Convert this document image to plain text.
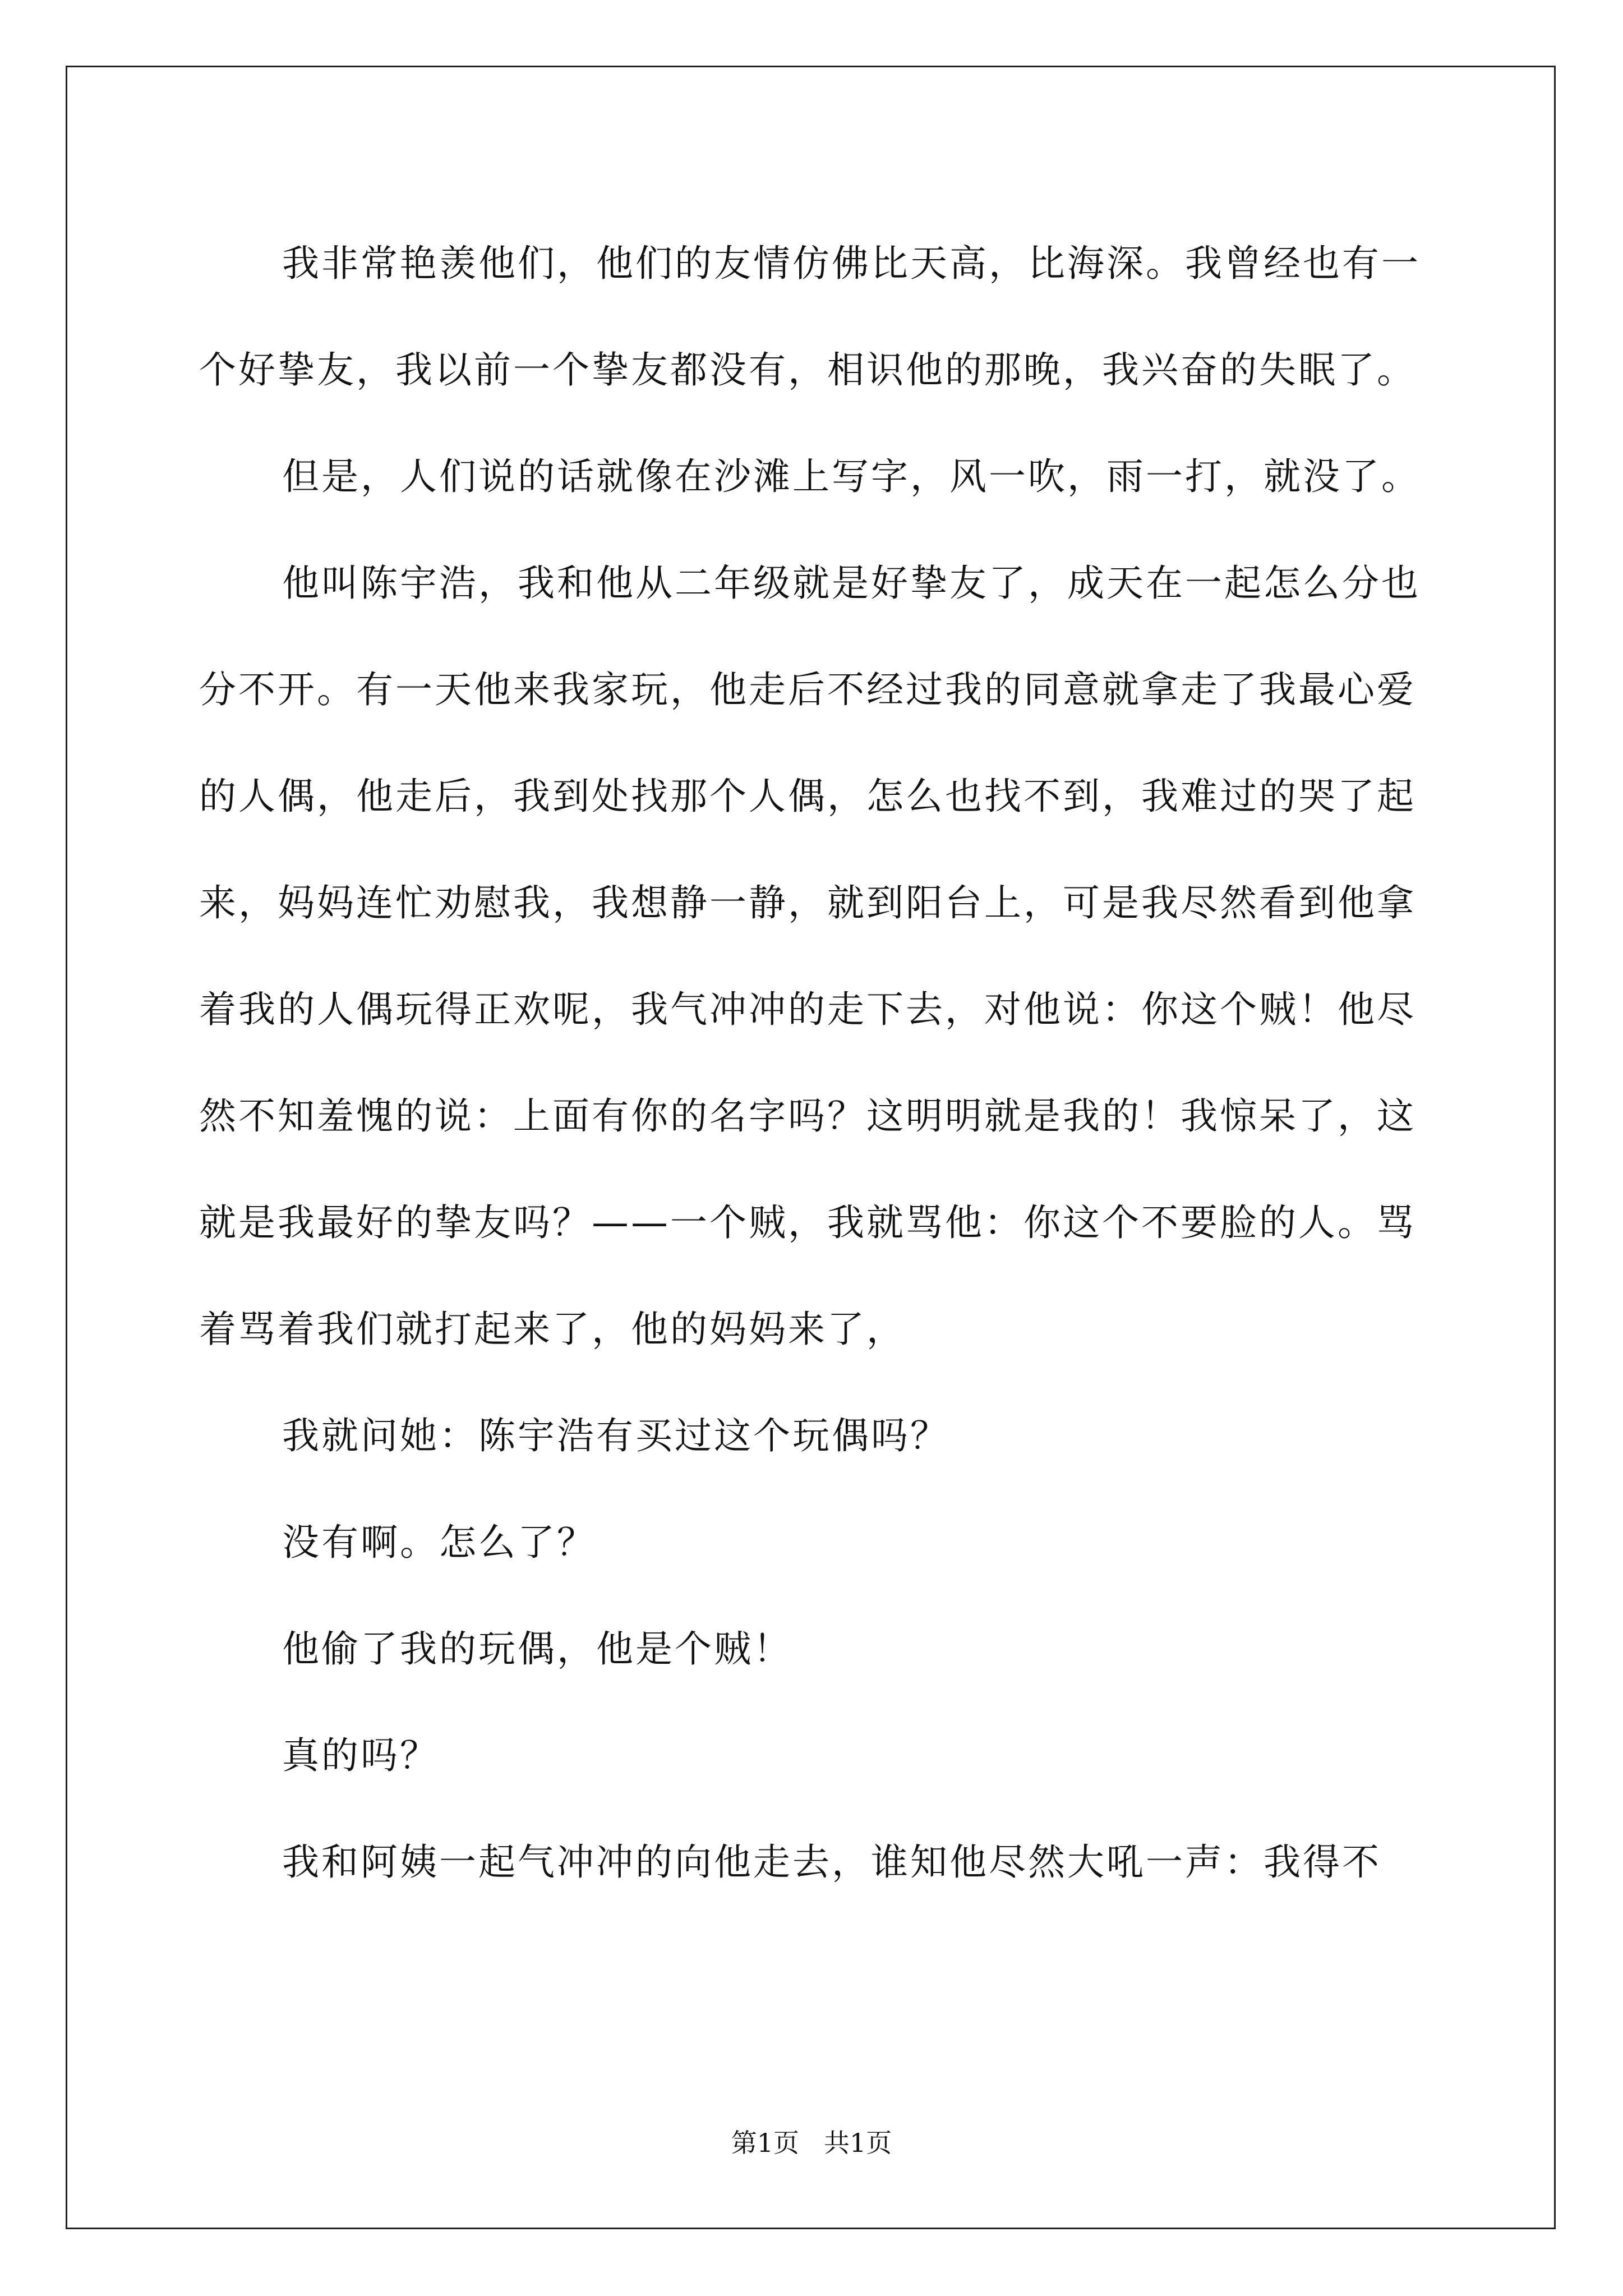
我非常艳羡他们，他们的友情仿佛比天高，比海深。我曾经也有一个好挚友，我以前一个挚友都没有，相识他的那晚，我兴奋的失眠了。

但是，人们说的话就像在沙滩上写字，风一吹，雨一打，就没了。

他叫陈宇浩，我和他从二年级就是好挚友了，成天在一起怎么分也分不开。有一天他来我家玩，他走后不经过我的同意就拿走了我最心爱的人偶，他走后，我到处找那个人偶，怎么也找不到，我难过的哭了起来，妈妈连忙劝慰我，我想静一静，就到阳台上，可是我尽然看到他拿着我的人偶玩得正欢呢，我气冲冲的走下去，对他说：你这个贼！他尽然不知羞愧的说：上面有你的名字吗？这明明就是我的！我惊呆了，这就是我最好的挚友吗？——一个贼，我就骂他：你这个不要脸的人。骂着骂着我们就打起来了，他的妈妈来了，

我就问她：陈宇浩有买过这个玩偶吗？

没有啊。怎么了？

他偷了我的玩偶，他是个贼！

真的吗？

我和阿姨一起气冲冲的向他走去，谁知他尽然大吼一声：我得不

第1页 共1页
